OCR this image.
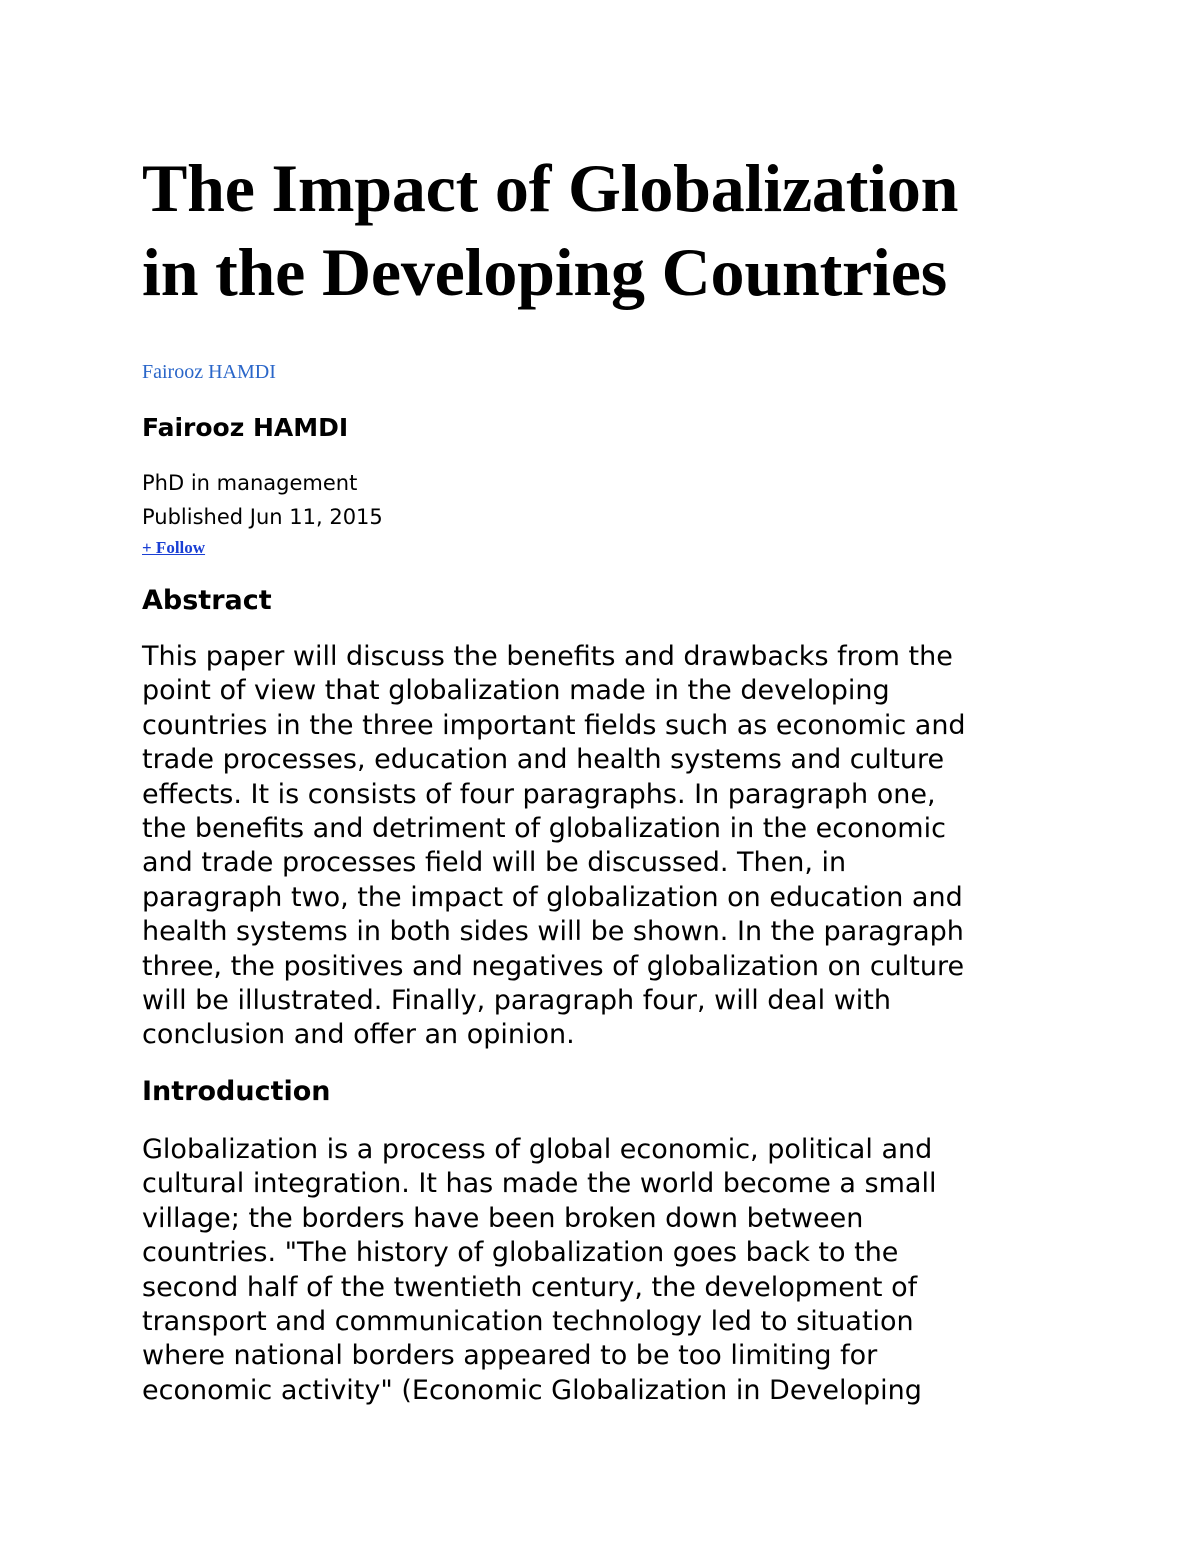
The Impact of Globalization
in the Developing Countries
Fairooz HAMDI
Fairooz HAMDI
PhD in management
Published Jun 11, 2015
+ Follow
Abstract

This paper will discuss the benefits and drawbacks from the
point of view that globalization made in the developing
countries in the three important fields such as economic and
trade processes, education and health systems and culture
effects. It is consists of four paragraphs. In paragraph one,
the benefits and detriment of globalization in the economic
and trade processes field will be discussed. Then, in
paragraph two, the impact of globalization on education and
health systems in both sides will be shown. In the paragraph
three, the positives and negatives of globalization on culture
will be illustrated. Finally, paragraph four, will deal with
conclusion and offer an opinion.

Introduction

Globalization is a process of global economic, political and
cultural integration. It has made the world become a small
village; the borders have been broken down between
countries. "The history of globalization goes back to the
second half of the twentieth century, the development of
transport and communication technology led to situation
where national borders appeared to be too limiting for
economic activity" (Economic Globalization in Developing
